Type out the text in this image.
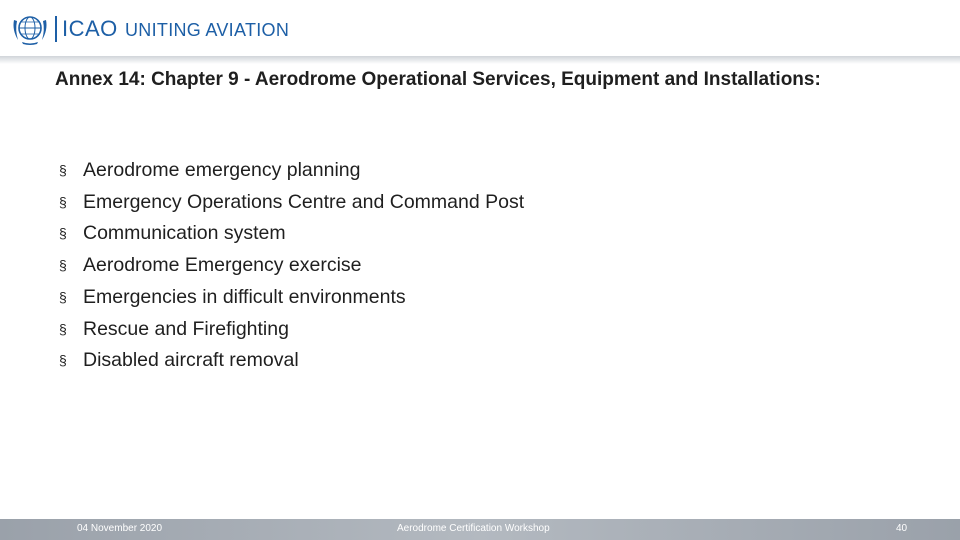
ICAO UNITING AVIATION
Annex 14: Chapter 9 - Aerodrome Operational Services, Equipment and Installations:
§ Aerodrome emergency planning
§ Emergency Operations Centre and Command Post
§ Communication system
§ Aerodrome Emergency exercise
§ Emergencies in difficult environments
§ Rescue and Firefighting
§ Disabled aircraft removal
04 November 2020	Aerodrome Certification Workshop	40
